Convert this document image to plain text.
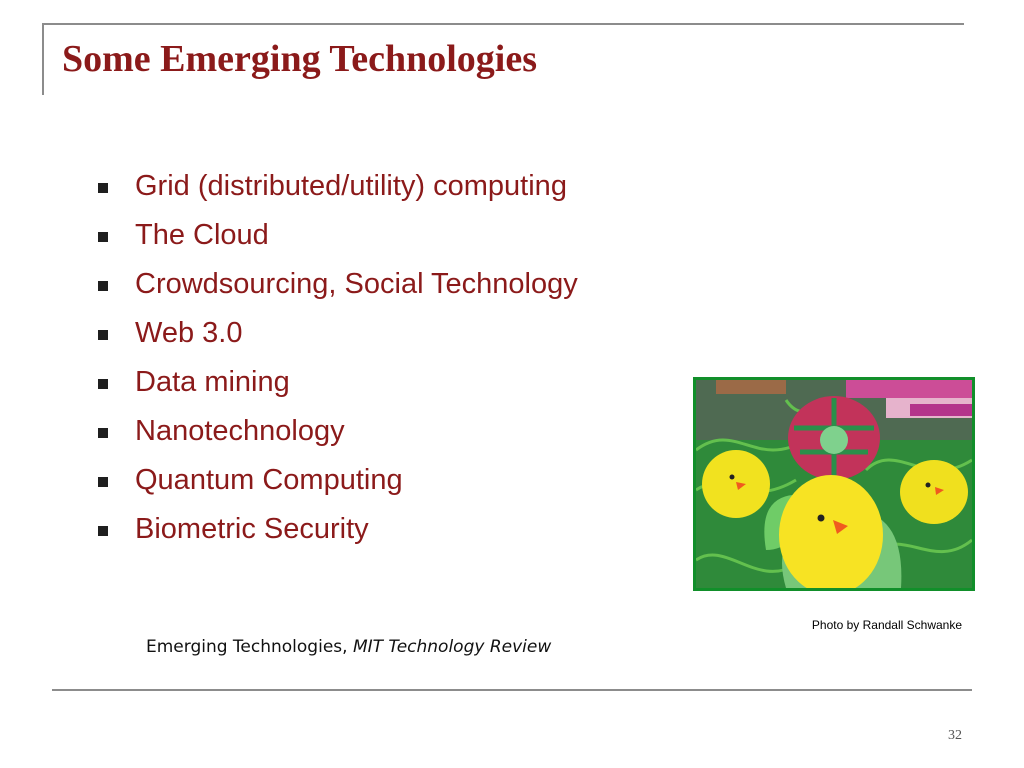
Some Emerging Technologies
Grid (distributed/utility) computing
The Cloud
Crowdsourcing, Social Technology
Web 3.0
Data mining
Nanotechnology
Quantum Computing
Biometric Security
Photo by Randall Schwanke
Emerging Technologies, MIT Technology Review
32
